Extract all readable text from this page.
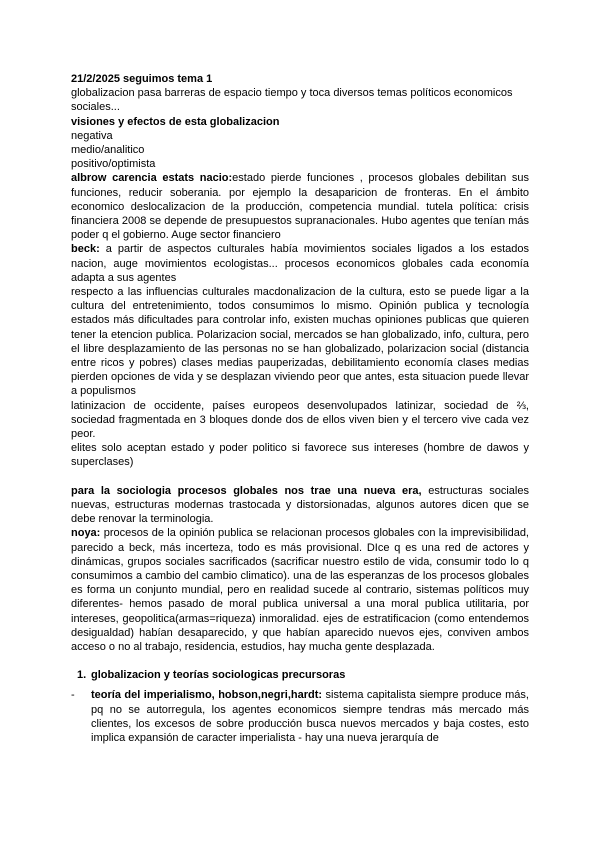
21/2/2025 seguimos tema 1

globalizacion pasa barreras de espacio tiempo y toca diversos temas políticos economicos sociales...

visiones y efectos de esta globalizacion

negativa

medio/analitico

positivo/optimista

albrow carencia estats nacio:estado pierde funciones , procesos globales debilitan sus funciones, reducir soberania. por ejemplo la desaparicion de fronteras. En el ámbito economico deslocalizacion de la producción, competencia mundial. tutela política: crisis financiera 2008 se depende de presupuestos supranacionales. Hubo agentes que tenían más poder q el gobierno. Auge sector financiero

beck: a partir de aspectos culturales había movimientos sociales ligados a los estados nacion, auge movimientos ecologistas... procesos economicos globales cada economía adapta a sus agentes

respecto a las influencias culturales macdonalizacion de la cultura, esto se puede ligar a la cultura del entretenimiento, todos consumimos lo mismo. Opinión publica y tecnología estados más dificultades para controlar info, existen muchas opiniones publicas que quieren tener la etencion publica. Polarizacion social, mercados se han globalizado, info, cultura, pero el libre desplazamiento de las personas no se han globalizado, polarizacion social (distancia entre ricos y pobres) clases medias pauperizadas, debilitamiento economía clases medias pierden opciones de vida y se desplazan viviendo peor que antes, esta situacion puede llevar a populismos

latinizacion de occidente, países europeos desenvolupados latinizar, sociedad de ⅔, sociedad fragmentada en 3 bloques donde dos de ellos viven bien y el tercero vive cada vez peor.

elites solo aceptan estado y poder politico si favorece sus intereses (hombre de dawos y superclases)

para la sociologia procesos globales nos trae una nueva era, estructuras sociales nuevas, estructuras modernas trastocada y distorsionadas, algunos autores dicen que se debe renovar la terminologia.

noya: procesos de la opinión publica se relacionan procesos globales con la imprevisibilidad, parecido a beck, más incerteza, todo es más provisional. DIce q es una red de actores y dinámicas, grupos sociales sacrificados (sacrificar nuestro estilo de vida, consumir todo lo q consumimos a cambio del cambio climatico). una de las esperanzas de los procesos globales es forma un conjunto mundial, pero en realidad sucede al contrario, sistemas políticos muy diferentes- hemos pasado de moral publica universal a una moral publica utilitaria, por intereses, geopolitica(armas=riqueza) inmoralidad. ejes de estratificacion (como entendemos desigualdad) habían desaparecido, y que habían aparecido nuevos ejes, conviven ambos acceso o no al trabajo, residencia, estudios, hay mucha gente desplazada.

1. globalizacion y teorías sociologicas precursoras

- teoría del imperialismo, hobson,negri,hardt: sistema capitalista siempre produce más, pq no se autorregula, los agentes economicos siempre tendras más mercado más clientes, los excesos de sobre producción busca nuevos mercados y baja costes, esto implica expansión de caracter imperialista - hay una nueva jerarquía de
